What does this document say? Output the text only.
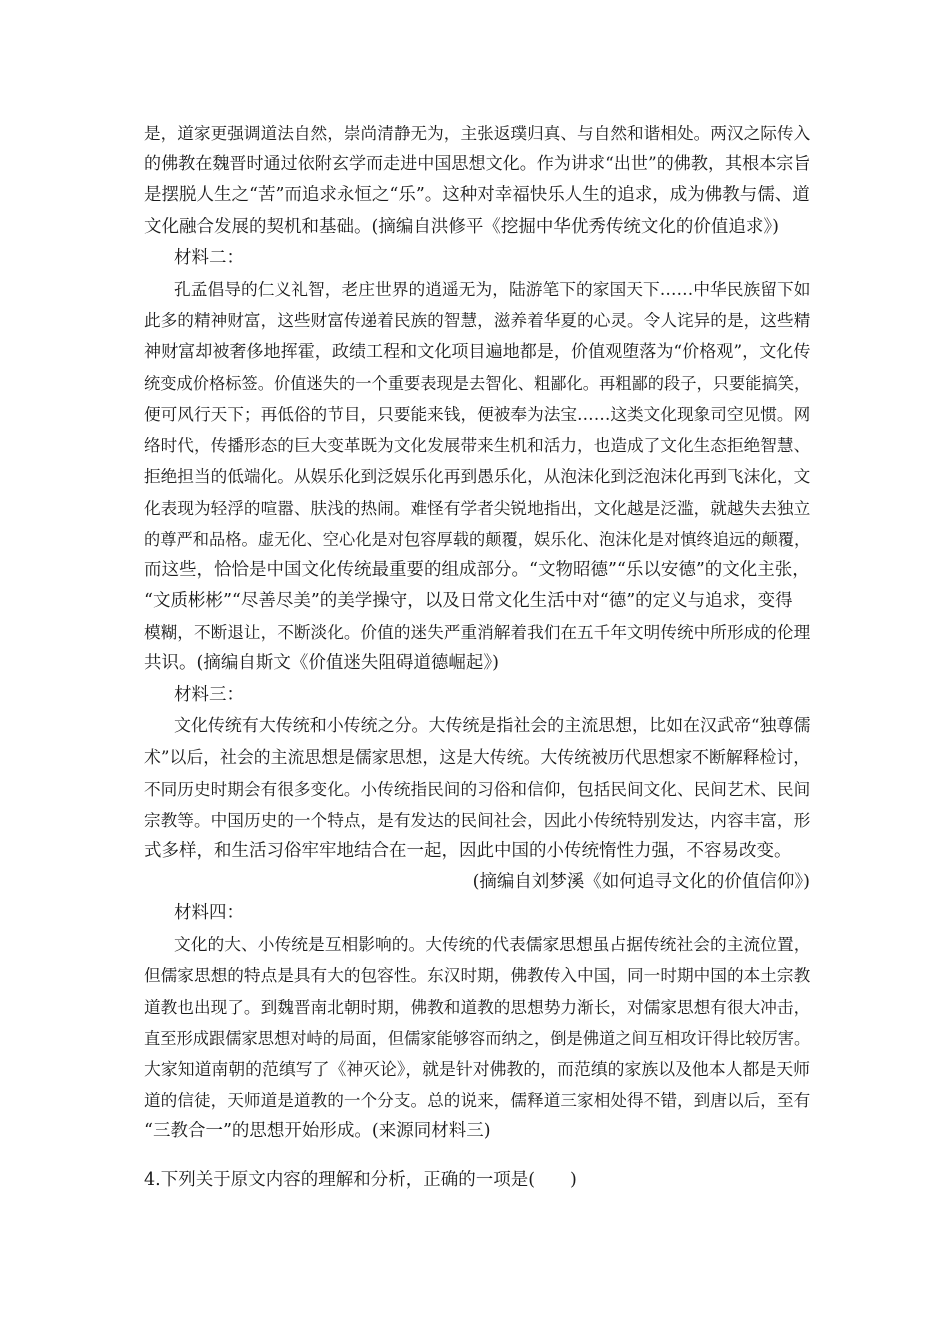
是，道家更强调道法自然，崇尚清静无为，主张返璞归真、与自然和谐相处。两汉之际传入
的佛教在魏晋时通过依附玄学而走进中国思想文化。作为讲求“出世”的佛教，其根本宗旨
是摆脱人生之“苦”而追求永恒之“乐”。这种对幸福快乐人生的追求，成为佛教与儒、道
文化融合发展的契机和基础。(摘编自洪修平《挖掘中华优秀传统文化的价值追求》)
材料二：
孔孟倡导的仁义礼智，老庄世界的逍遥无为，陆游笔下的家国天下……中华民族留下如
此多的精神财富，这些财富传递着民族的智慧，滋养着华夏的心灵。令人诧异的是，这些精
神财富却被奢侈地挥霍，政绩工程和文化项目遍地都是，价值观堕落为“价格观”，文化传
统变成价格标签。价值迷失的一个重要表现是去智化、粗鄙化。再粗鄙的段子，只要能搞笑，
便可风行天下；再低俗的节目，只要能来钱，便被奉为法宝……这类文化现象司空见惯。网
络时代，传播形态的巨大变革既为文化发展带来生机和活力，也造成了文化生态拒绝智慧、
拒绝担当的低端化。从娱乐化到泛娱乐化再到愚乐化，从泡沫化到泛泡沫化再到飞沫化，文
化表现为轻浮的喧嚣、肤浅的热闹。难怪有学者尖锐地指出，文化越是泛滥，就越失去独立
的尊严和品格。虚无化、空心化是对包容厚载的颠覆，娱乐化、泡沫化是对慎终追远的颠覆，
而这些，恰恰是中国文化传统最重要的组成部分。“文物昭德”“乐以安德”的文化主张，
“文质彬彬”“尽善尽美”的美学操守，以及日常文化生活中对“德”的定义与追求，变得
模糊，不断退让，不断淡化。价值的迷失严重消解着我们在五千年文明传统中所形成的伦理
共识。(摘编自斯文《价值迷失阻碍道德崛起》)
材料三：
文化传统有大传统和小传统之分。大传统是指社会的主流思想，比如在汉武帝“独尊儒
术”以后，社会的主流思想是儒家思想，这是大传统。大传统被历代思想家不断解释检讨，
不同历史时期会有很多变化。小传统指民间的习俗和信仰，包括民间文化、民间艺术、民间
宗教等。中国历史的一个特点，是有发达的民间社会，因此小传统特别发达，内容丰富，形
式多样，和生活习俗牢牢地结合在一起，因此中国的小传统惰性力强，不容易改变。
(摘编自刘梦溪《如何追寻文化的价值信仰》)
材料四：
文化的大、小传统是互相影响的。大传统的代表儒家思想虽占据传统社会的主流位置，
但儒家思想的特点是具有大的包容性。东汉时期，佛教传入中国，同一时期中国的本土宗教
道教也出现了。到魏晋南北朝时期，佛教和道教的思想势力渐长，对儒家思想有很大冲击，
直至形成跟儒家思想对峙的局面，但儒家能够容而纳之，倒是佛道之间互相攻讦得比较厉害。
大家知道南朝的范缜写了《神灭论》，就是针对佛教的，而范缜的家族以及他本人都是天师
道的信徒，天师道是道教的一个分支。总的说来，儒释道三家相处得不错，到唐以后，至有
“三教合一”的思想开始形成。(来源同材料三)
4.下列关于原文内容的理解和分析，正确的一项是(　　)
